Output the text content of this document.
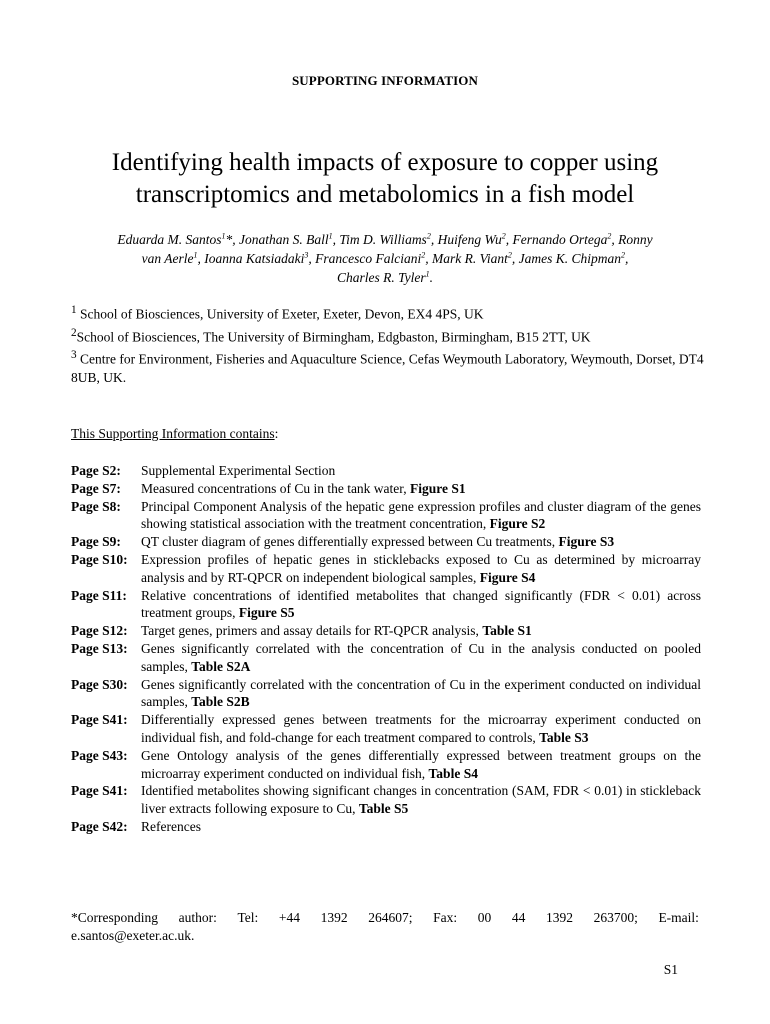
SUPPORTING INFORMATION
Identifying health impacts of exposure to copper using
transcriptomics and metabolomics in a fish model
Eduarda M. Santos$^1$*, Jonathan S. Ball$^1$, Tim D. Williams$^2$, Huifeng Wu$^2$, Fernando Ortega$^2$, Ronny
van Aerle$^1$, Ioanna Katsiadaki$^3$, Francesco Falciani$^2$, Mark R. Viant$^2$, James K. Chipman$^2$,
Charles R. Tyler$^1$.
$^1$ School of Biosciences, University of Exeter, Exeter, Devon, EX4 4PS, UK
$^2$School of Biosciences, The University of Birmingham, Edgbaston, Birmingham, B15 2TT, UK
$^3$ Centre for Environment, Fisheries and Aquaculture Science, Cefas Weymouth Laboratory, Weymouth, Dorset, DT4 8UB, UK.
This Supporting Information contains:
Page S2:	Supplemental Experimental Section
Page S7:	Measured concentrations of Cu in the tank water, Figure S1
Page S8:	Principal Component Analysis of the hepatic gene expression profiles and cluster diagram of the genes showing statistical association with the treatment concentration, Figure S2
Page S9:	QT cluster diagram of genes differentially expressed between Cu treatments, Figure S3
Page S10: Expression profiles of hepatic genes in sticklebacks exposed to Cu as determined by microarray analysis and by RT-QPCR on independent biological samples, Figure S4
Page S11:	Relative concentrations of identified metabolites that changed significantly (FDR < 0.01) across treatment groups, Figure S5
Page S12: Target genes, primers and assay details for RT-QPCR analysis, Table S1
Page S13: Genes significantly correlated with the concentration of Cu in the analysis conducted on pooled samples, Table S2A
Page S30: Genes significantly correlated with the concentration of Cu in the experiment conducted on individual samples, Table S2B
Page S41: Differentially expressed genes between treatments for the microarray experiment conducted on individual fish, and fold-change for each treatment compared to controls, Table S3
Page S43: Gene Ontology analysis of the genes differentially expressed between treatment groups on the microarray experiment conducted on individual fish, Table S4
Page S41: Identified metabolites showing significant changes in concentration (SAM, FDR < 0.01) in stickleback liver extracts following exposure to Cu, Table S5
Page S42: References
*Corresponding author: Tel: +44 1392 264607; Fax: 00 44 1392 263700; E-mail:
e.santos@exeter.ac.uk.
S1
